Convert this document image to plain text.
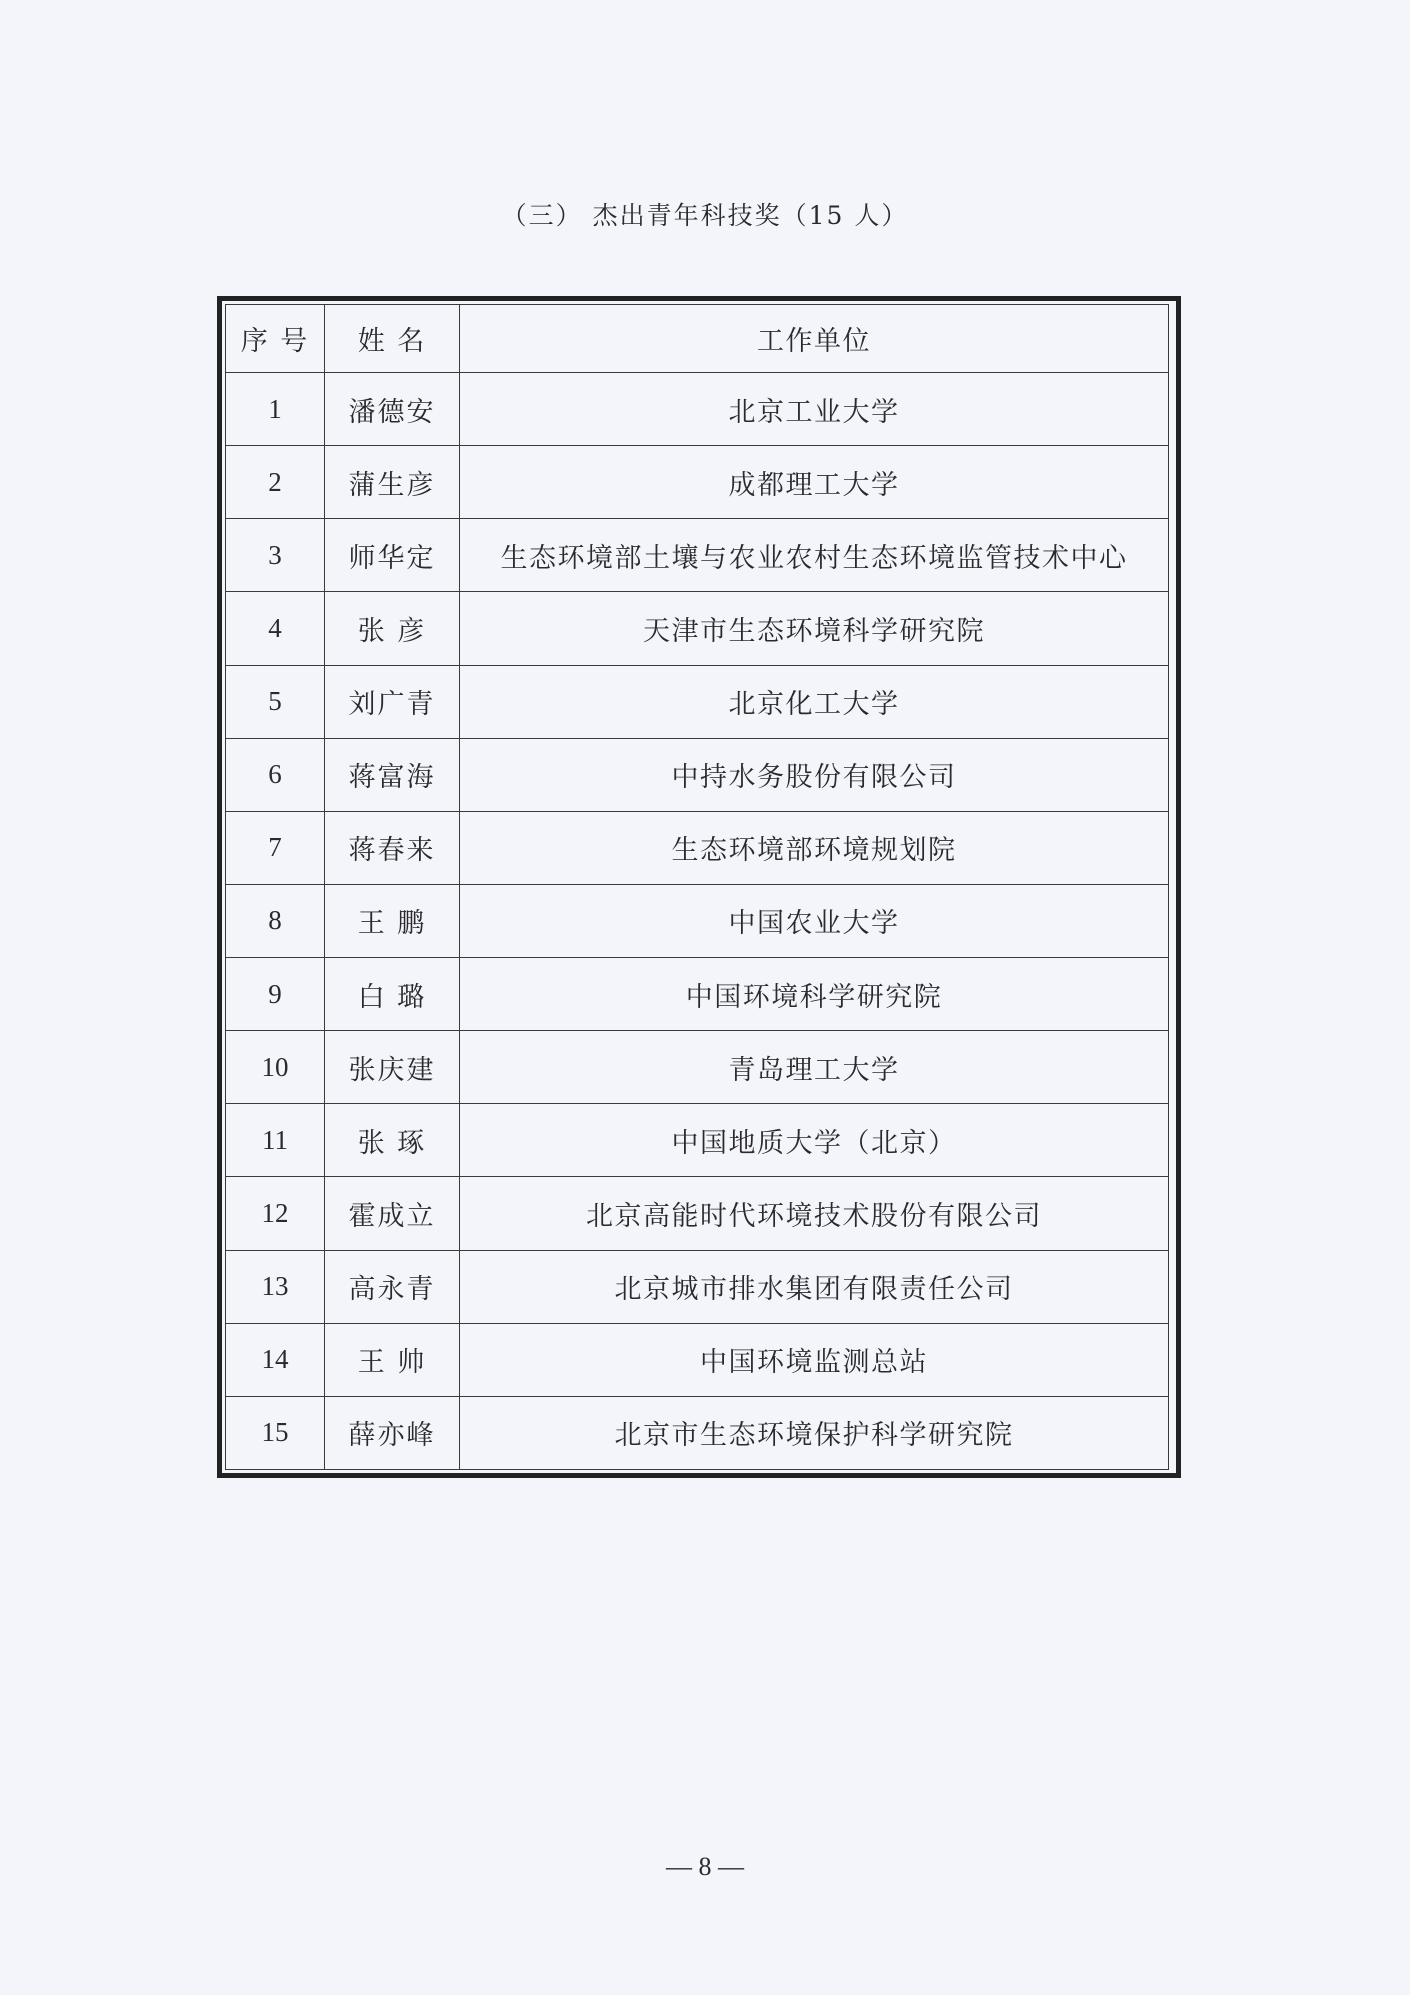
（三） 杰出青年科技奖（15 人）
序 号	姓 名	工作单位
1	潘德安	北京工业大学
2	蒲生彦	成都理工大学
3	师华定	生态环境部土壤与农业农村生态环境监管技术中心
4	张 彦	天津市生态环境科学研究院
5	刘广青	北京化工大学
6	蒋富海	中持水务股份有限公司
7	蒋春来	生态环境部环境规划院
8	王 鹏	中国农业大学
9	白 璐	中国环境科学研究院
10	张庆建	青岛理工大学
11	张 琢	中国地质大学（北京）
12	霍成立	北京高能时代环境技术股份有限公司
13	高永青	北京城市排水集团有限责任公司
14	王 帅	中国环境监测总站
15	薛亦峰	北京市生态环境保护科学研究院
— 8 —
